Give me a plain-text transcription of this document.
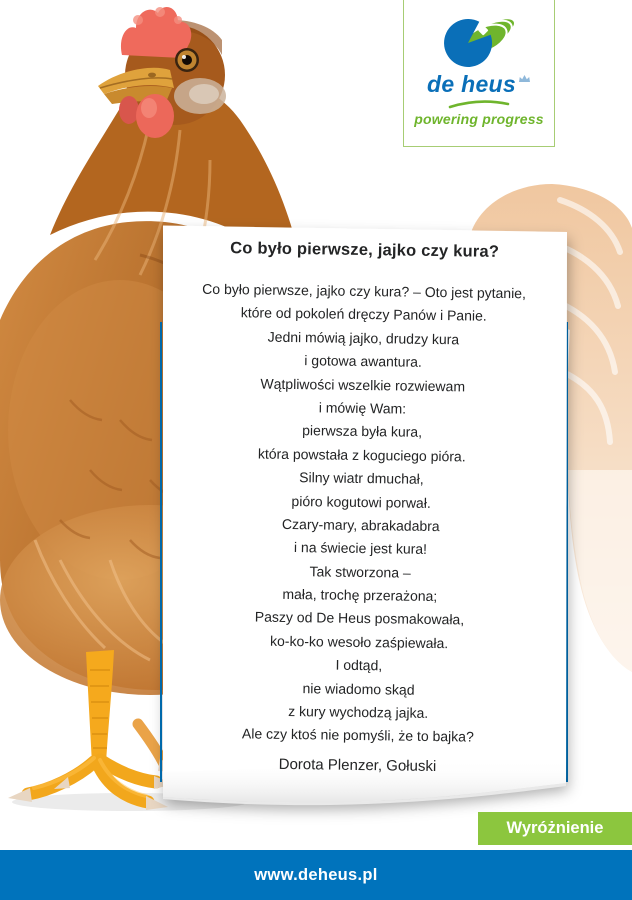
Co było pierwsze, jajko czy kura?
Co było pierwsze, jajko czy kura? – Oto jest pytanie,
które od pokoleń dręczy Panów i Panie.
Jedni mówią jajko, drudzy kura
i gotowa awantura.
Wątpliwości wszelkie rozwiewam
i mówię Wam:
pierwsza była kura,
która powstała z koguciego pióra.
Silny wiatr dmuchał,
pióro kogutowi porwał.
Czary-mary, abrakadabra
i na świecie jest kura!
Tak stworzona –
mała, trochę przerażona;
Paszy od De Heus posmakowała,
ko-ko-ko wesoło zaśpiewała.
I odtąd,
nie wiadomo skąd
z kury wychodzą jajka.
Ale czy ktoś nie pomyśli, że to bajka?
Dorota Plenzer, Gołuski
de heus
powering progress
Wyróżnienie
www.deheus.pl
